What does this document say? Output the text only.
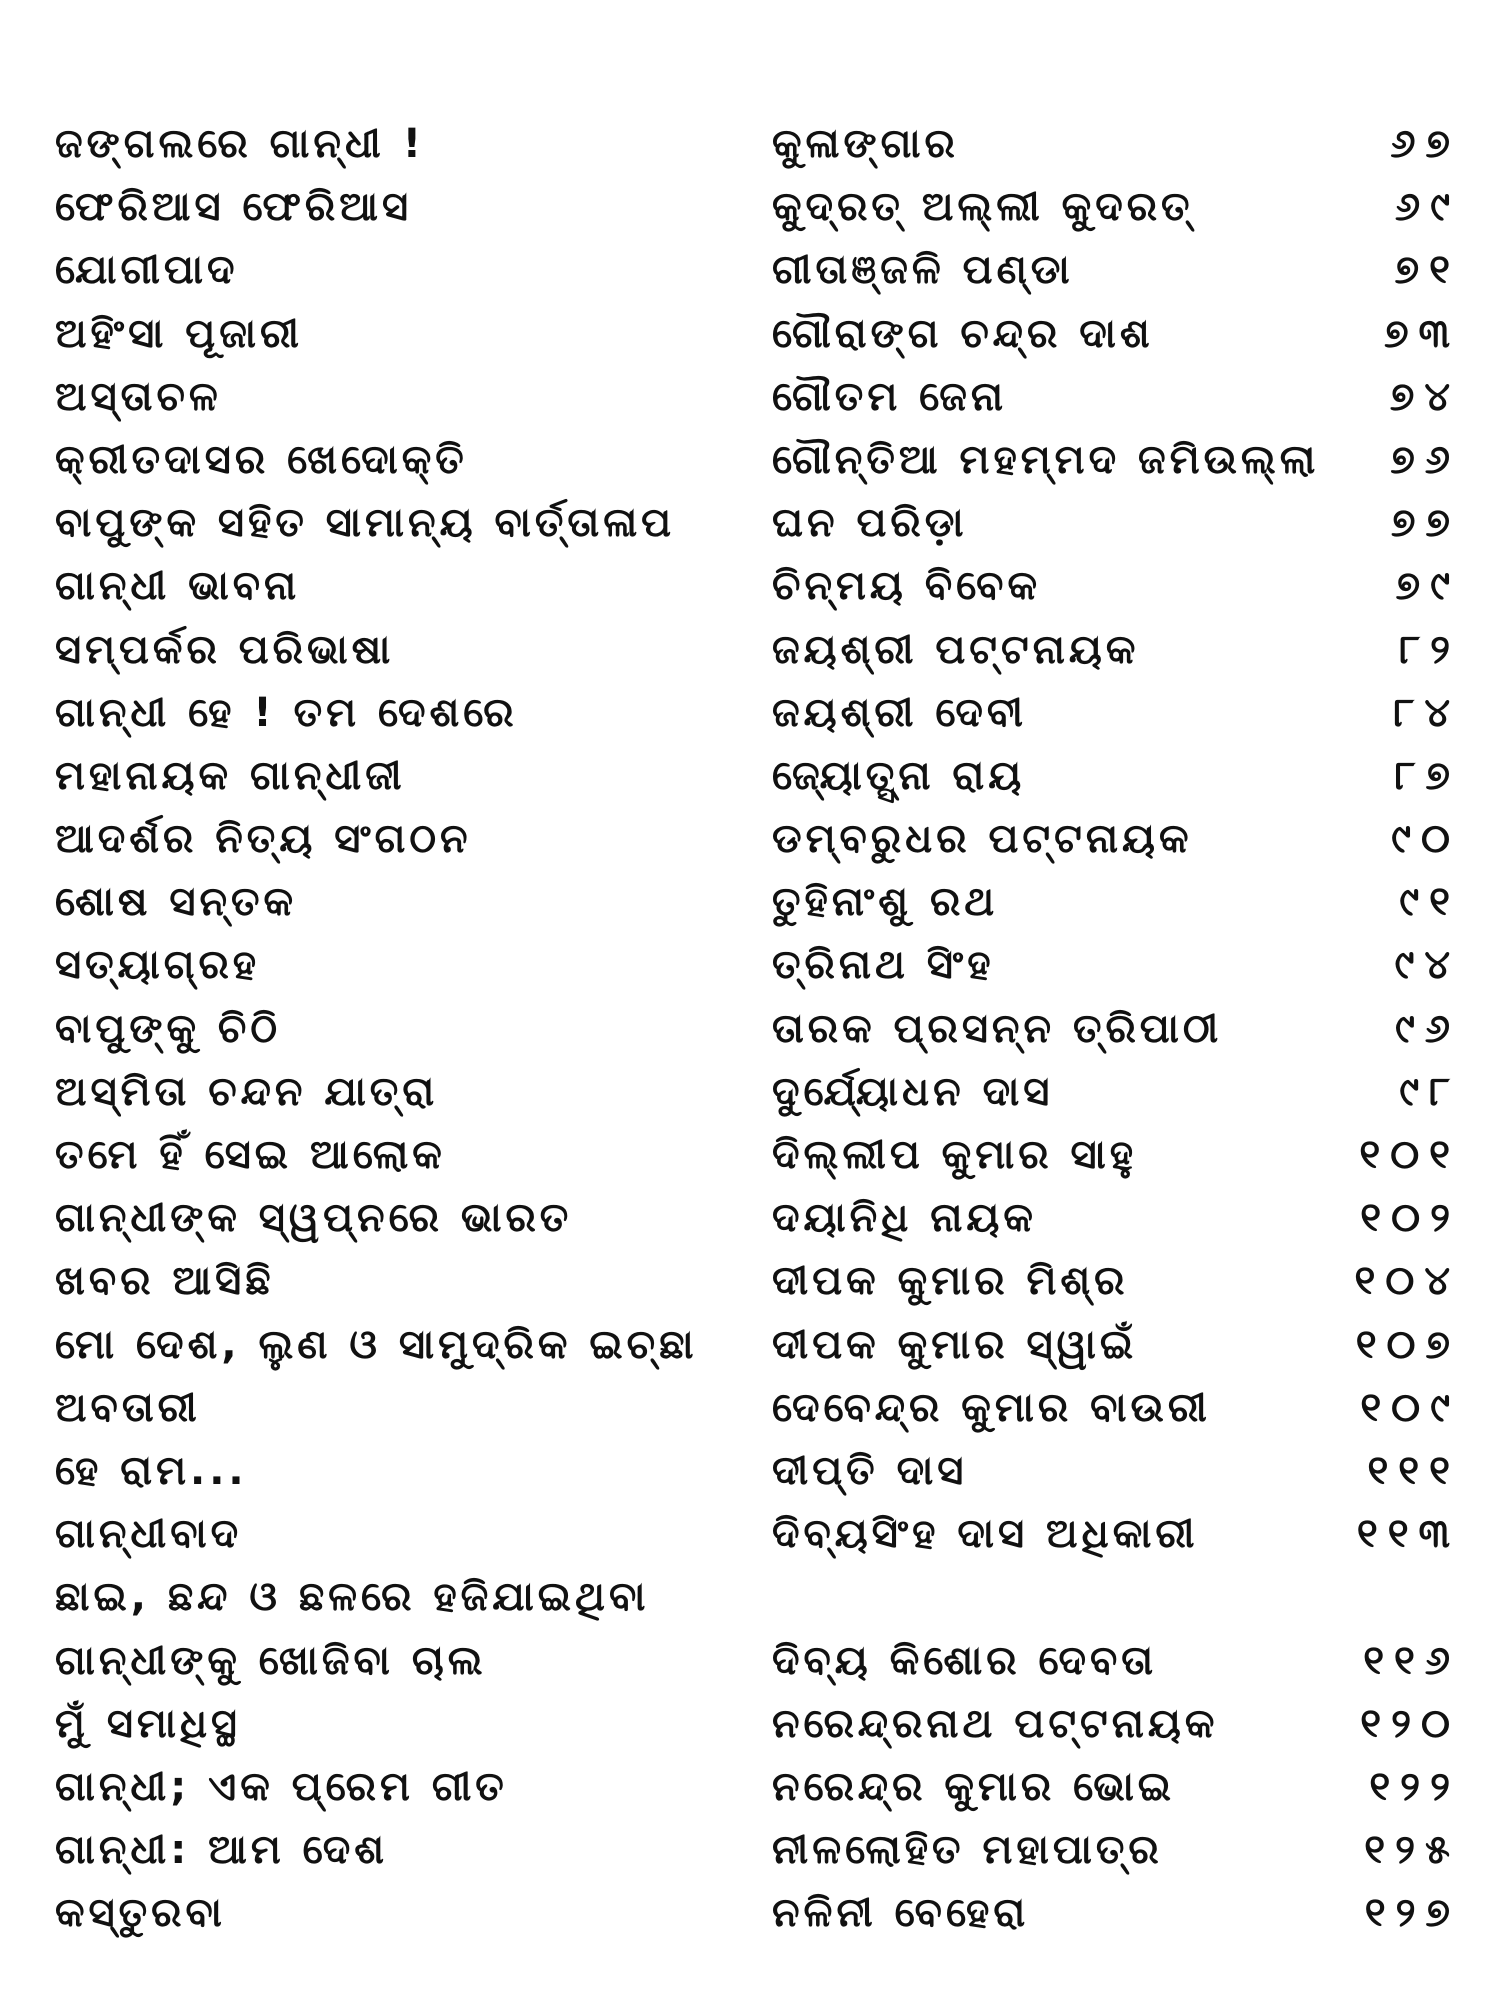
ଜଙ୍ଗଲରେ ଗାନ୍ଧୀ !	କୁଳାଙ୍ଗାର	୬୭
ଫେରିଆସ ଫେରିଆସ	କୁଦ୍‌ରତ୍ ଅଲ୍ଲୀ କୁଦରତ୍	୬୯
ଯୋଗୀପାଦ	ଗୀତାଞ୍ଜଳି ପଣ୍ଡା	୭୧
ଅହିଂସା ପୂଜାରୀ	ଗୌରାଙ୍ଗ ଚନ୍ଦ୍ର ଦାଶ	୭୩
ଅସ୍ତାଚଳ	ଗୌତମ ଜେନା	୭୪
କ୍ରୀତଦାସର ଖେଦୋକ୍ତି	ଗୌନ୍ତିଆ ମହମ୍ମଦ ଜମିଉଲ୍ଲା	୭୬
ବାପୁଙ୍କ ସହିତ ସାମାନ୍ୟ ବାର୍ତ୍ତାଳାପ	ଘନ ପରିଡ଼ା	୭୭
ଗାନ୍ଧୀ ଭାବନା	ଚିନ୍ମୟ ବିବେକ	୭୯
ସମ୍ପର୍କର ପରିଭାଷା	ଜୟଶ୍ରୀ ପଟ୍ଟନାୟକ	୮୨
ଗାନ୍ଧୀ ହେ ! ତମ ଦେଶରେ	ଜୟଶ୍ରୀ ଦେବୀ	୮୪
ମହାନାୟକ ଗାନ୍ଧୀଜୀ	ଜ୍ୟୋତ୍ସ୍ନା ରାୟ	୮୭
ଆଦର୍ଶର ନିତ୍ୟ ସଂଗଠନ	ଡମ୍ବରୁଧର ପଟ୍ଟନାୟକ	୯୦
ଶୋଷ ସନ୍ତକ	ତୁହିନାଂଶୁ ରଥ	୯୧
ସତ୍ୟାଗ୍ରହ	ତ୍ରିନାଥ ସିଂହ	୯୪
ବାପୁଙ୍କୁ ଚିଠି	ତାରକ ପ୍ରସନ୍ନ ତ୍ରିପାଠୀ	୯୬
ଅସ୍ମିତା ଚନ୍ଦନ ଯାତ୍ରା	ଦୁର୍ଯ୍ୟୋଧନ ଦାସ	୯୮
ତମେ ହିଁ ସେଇ ଆଲୋକ	ଦିଲ୍ଲୀପ କୁମାର ସାହୁ	୧୦୧
ଗାନ୍ଧୀଙ୍କ ସ୍ୱପ୍ନରେ ଭାରତ	ଦୟାନିଧି ନାୟକ	୧୦୨
ଖବର ଆସିଛି	ଦୀପକ କୁମାର ମିଶ୍ର	୧୦୪
ମୋ ଦେଶ, ଲୁଣ ଓ ସାମୁଦ୍ରିକ ଇଚ୍ଛା	ଦୀପକ କୁମାର ସ୍ୱାଇଁ	୧୦୭
ଅବତାରୀ	ଦେବେନ୍ଦ୍ର କୁମାର ବାଉରୀ	୧୦୯
ହେ ରାମ...	ଦୀପ୍ତି ଦାସ	୧୧୧
ଗାନ୍ଧୀବାଦ	ଦିବ୍ୟସିଂହ ଦାସ ଅଧିକାରୀ	୧୧୩
ଛାଇ, ଛନ୍ଦ ଓ ଛଳରେ ହଜିଯାଇଥିବା
ଗାନ୍ଧୀଙ୍କୁ ଖୋଜିବା ଚାଲ	ଦିବ୍ୟ କିଶୋର ଦେବତା	୧୧୬
ମୁଁ ସମାଧିସ୍ଥ	ନରେନ୍ଦ୍ରନାଥ ପଟ୍ଟନାୟକ	୧୨୦
ଗାନ୍ଧୀ; ଏକ ପ୍ରେମ ଗୀତ	ନରେନ୍ଦ୍ର କୁମାର ଭୋଇ	୧୨୨
ଗାନ୍ଧୀ: ଆମ ଦେଶ	ନୀଳଲୋହିତ ମହାପାତ୍ର	୧୨୫
କସ୍ତୁରବା	ନଳିନୀ ବେହେରା	୧୨୭
